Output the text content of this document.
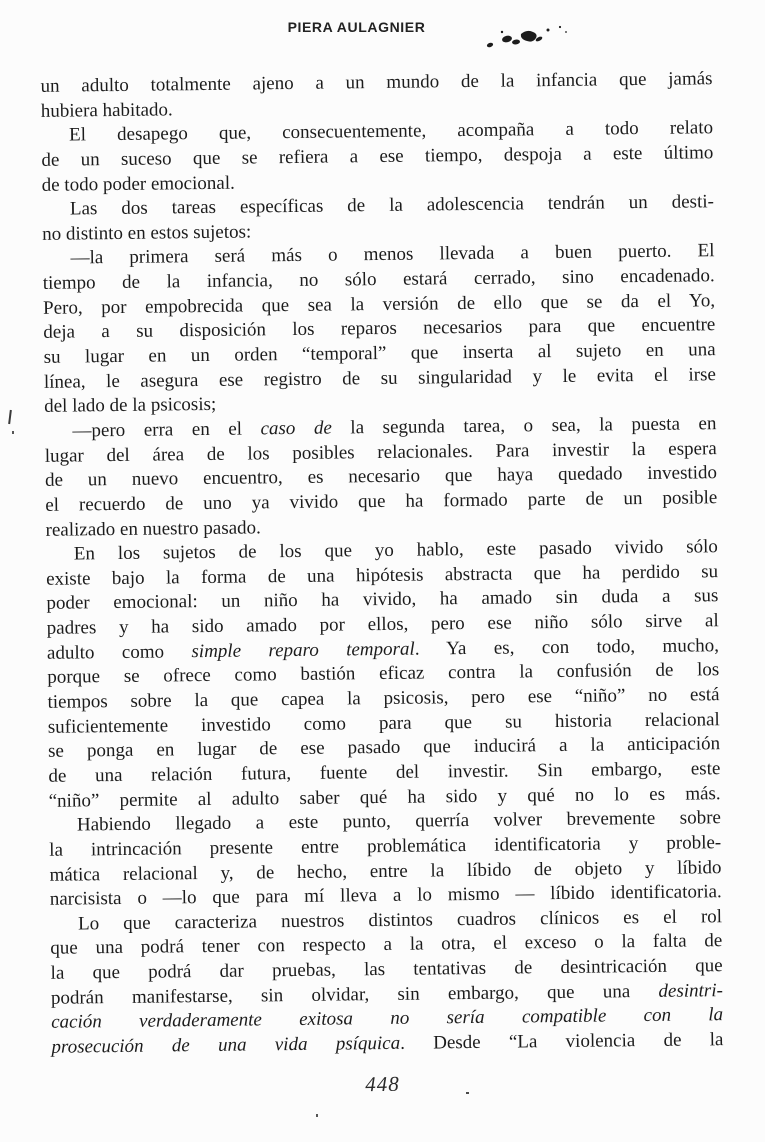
PIERA AULAGNIER
un adulto totalmente ajeno a un mundo de la infancia que jamás
hubiera habitado.
El desapego que, consecuentemente, acompaña a todo relato
de un suceso que se refiera a ese tiempo, despoja a este último
de todo poder emocional.
Las dos tareas específicas de la adolescencia tendrán un desti-
no distinto en estos sujetos:
—la primera será más o menos llevada a buen puerto. El
tiempo de la infancia, no sólo estará cerrado, sino encadenado.
Pero, por empobrecida que sea la versión de ello que se da el Yo,
deja a su disposición los reparos necesarios para que encuentre
su lugar en un orden “temporal” que inserta al sujeto en una
línea, le asegura ese registro de su singularidad y le evita el irse
del lado de la psicosis;
—pero erra en el caso de la segunda tarea, o sea, la puesta en
lugar del área de los posibles relacionales. Para investir la espera
de un nuevo encuentro, es necesario que haya quedado investido
el recuerdo de uno ya vivido que ha formado parte de un posible
realizado en nuestro pasado.
En los sujetos de los que yo hablo, este pasado vivido sólo
existe bajo la forma de una hipótesis abstracta que ha perdido su
poder emocional: un niño ha vivido, ha amado sin duda a sus
padres y ha sido amado por ellos, pero ese niño sólo sirve al
adulto como simple reparo temporal. Ya es, con todo, mucho,
porque se ofrece como bastión eficaz contra la confusión de los
tiempos sobre la que capea la psicosis, pero ese “niño” no está
suficientemente investido como para que su historia relacional
se ponga en lugar de ese pasado que inducirá a la anticipación
de una relación futura, fuente del investir. Sin embargo, este
“niño” permite al adulto saber qué ha sido y qué no lo es más.
Habiendo llegado a este punto, querría volver brevemente sobre
la intrincación presente entre problemática identificatoria y proble-
mática relacional y, de hecho, entre la líbido de objeto y líbido
narcisista o —lo que para mí lleva a lo mismo — líbido identificatoria.
Lo que caracteriza nuestros distintos cuadros clínicos es el rol
que una podrá tener con respecto a la otra, el exceso o la falta de
la que podrá dar pruebas, las tentativas de desintricación que
podrán manifestarse, sin olvidar, sin embargo, que una desintri-
cación verdaderamente exitosa no sería compatible con la
prosecución de una vida psíquica. Desde “La violencia de la
448
